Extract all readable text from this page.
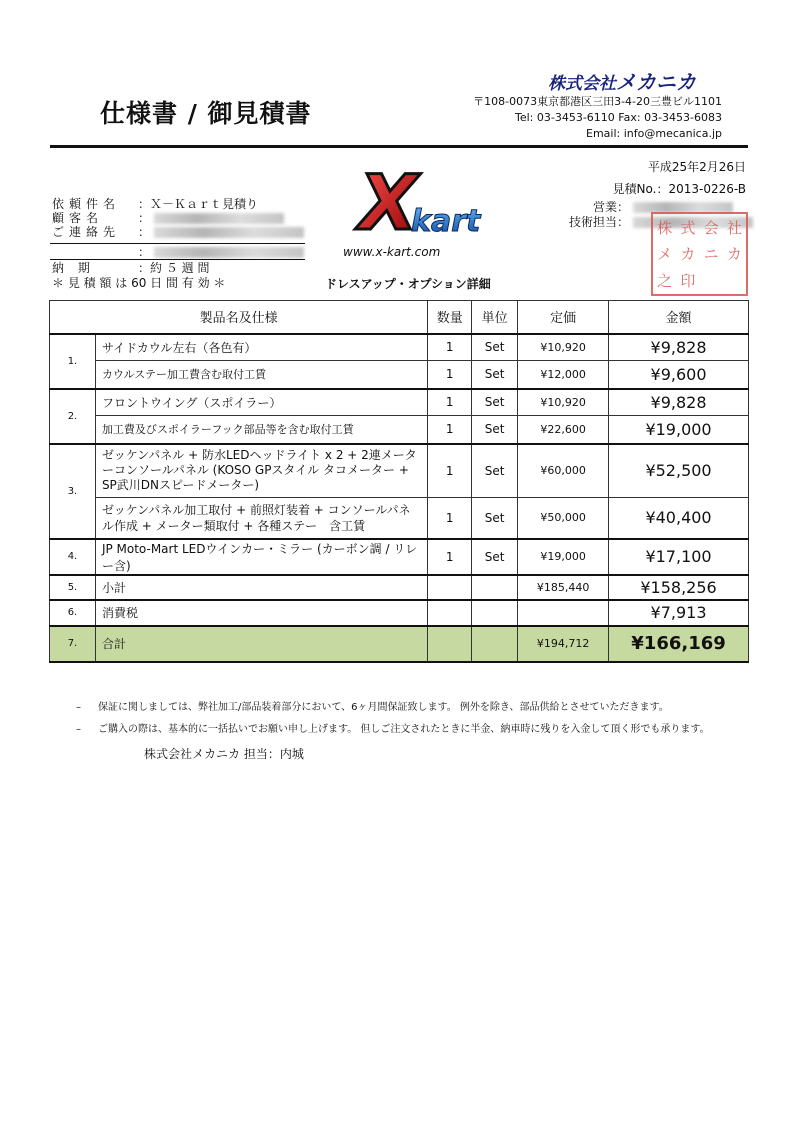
仕様書 / 御見積書
株式会社メカニカ
〒108-0073東京都港区三田3-4-20三豊ビル1101
Tel: 03-3453-6110 Fax: 03-3453-6083
Email: info@mecanica.jp
平成25年2月26日
見積No.：2013-0226-B
依頼件名 ：Ｘ－Ｋａｒｔ見積り
顧客名	：
ご連絡先 ：
：
納 期	：約 ５ 週 間
＊ 見 積 額 は 60 日 間 有 効 ＊
営業：
技術担当：
X
kart
www.x-kart.com
ドレスアップ・オプション詳細
株 式 会 社
メ カ ニ カ
之 印
製品名及仕様		数量	単位	定価	金額
1.	サイドカウル左右（各色有）	1	Set	¥10,920	¥9,828
	カウルステー加工費含む取付工賃	1	Set	¥12,000	¥9,600
2.	フロントウイング（スポイラー）	1	Set	¥10,920	¥9,828
	加工費及びスポイラーフック部品等を含む取付工賃	1	Set	¥22,600	¥19,000
3.	ゼッケンパネル + 防水LEDヘッドライト x 2 + 2連メーターコンソールパネル (KOSO GPスタイル タコメーター + SP武川DNスピードメーター)	1	Set	¥60,000	¥52,500
	ゼッケンパネル加工取付 + 前照灯装着 + コンソールパネル作成 + メーター類取付 + 各種ステー　含工賃	1	Set	¥50,000	¥40,400
4.	JP Moto-Mart LEDウインカー・ミラー (カーボン調 / リレー含)	1	Set	¥19,000	¥17,100
5.	小計			¥185,440	¥158,256
6.	消費税				¥7,913
7.	合計			¥194,712	¥166,169
– 保証に関しましては、弊社加工/部品装着部分において、6ヶ月間保証致します。 例外を除き、部品供給とさせていただきます。
– ご購入の際は、基本的に一括払いでお願い申し上げます。 但しご注文されたときに半金、納車時に残りを入金して頂く形でも承ります。
株式会社メカニカ 担当：内城
